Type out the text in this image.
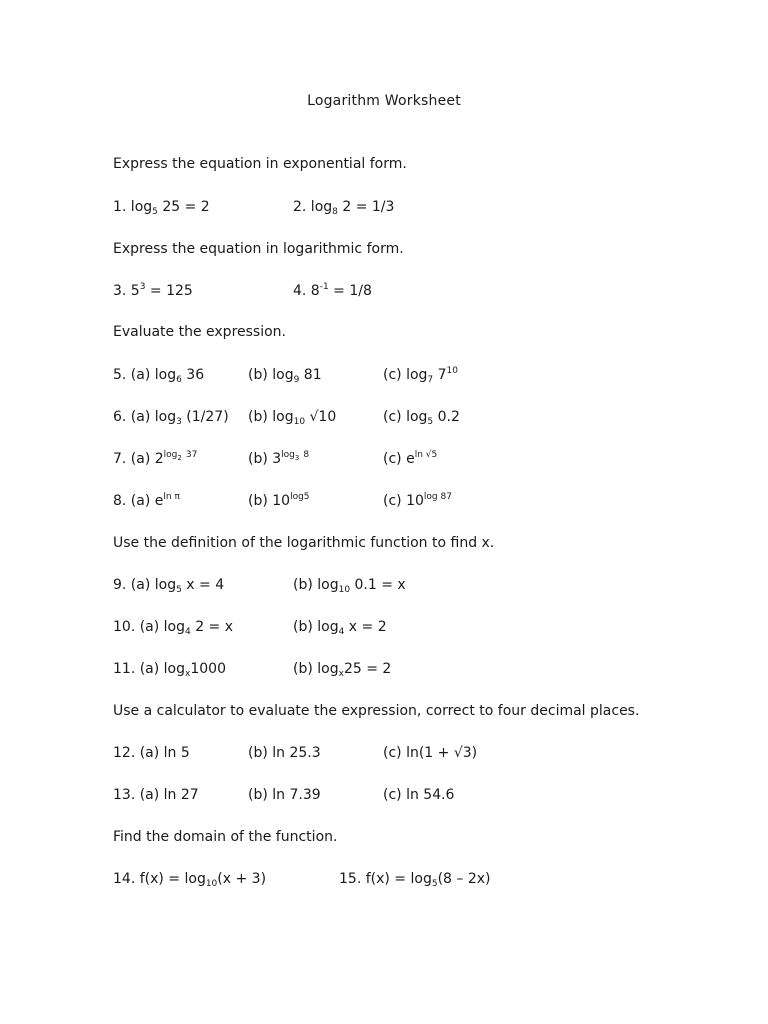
Logarithm Worksheet
Express the equation in exponential form.
1. $\log_5 25 = 2$	2. $\log_8 2 = 1/3$
Express the equation in logarithmic form.
3. $5^3 = 125$	4. $8^{-1} = 1/8$
Evaluate the expression.
5. (a) $\log_6 36$	(b) $\log_9 81$	(c) $\log_7 7^{10}$
6. (a) $\log_3 (1/27)$ (b) $\log_{10} √10$	(c) $\log_5 0.2$
7. (a) $2^{log_2 37}$	(b) $3^{log_3 8}$	(c) $e^{ln √5}$
8. (a) $e^{ln \pi}$	(b) $10^{log5}$	(c) $10^{log 87}$
Use the definition of the logarithmic function to find x.
9. (a) $\log_5 x = 4$	(b) $\log_{10} 0.1 = x$
10. (a) $\log_4 2 = x$	(b) $\log_4 x = 2$
11. (a) $\log_x1000$	(b) $\log_x25 = 2$
Use a calculator to evaluate the expression, correct to four decimal places.
12. (a) ln 5	(b) ln 25.3	(c) ln(1 + √3)
13. (a) ln 27	(b) ln 7.39	(c) ln 54.6
Find the domain of the function.
14. $f(x) = \log_{10}(x + 3)$	15. $f(x) = \log_5(8 - 2x)$
